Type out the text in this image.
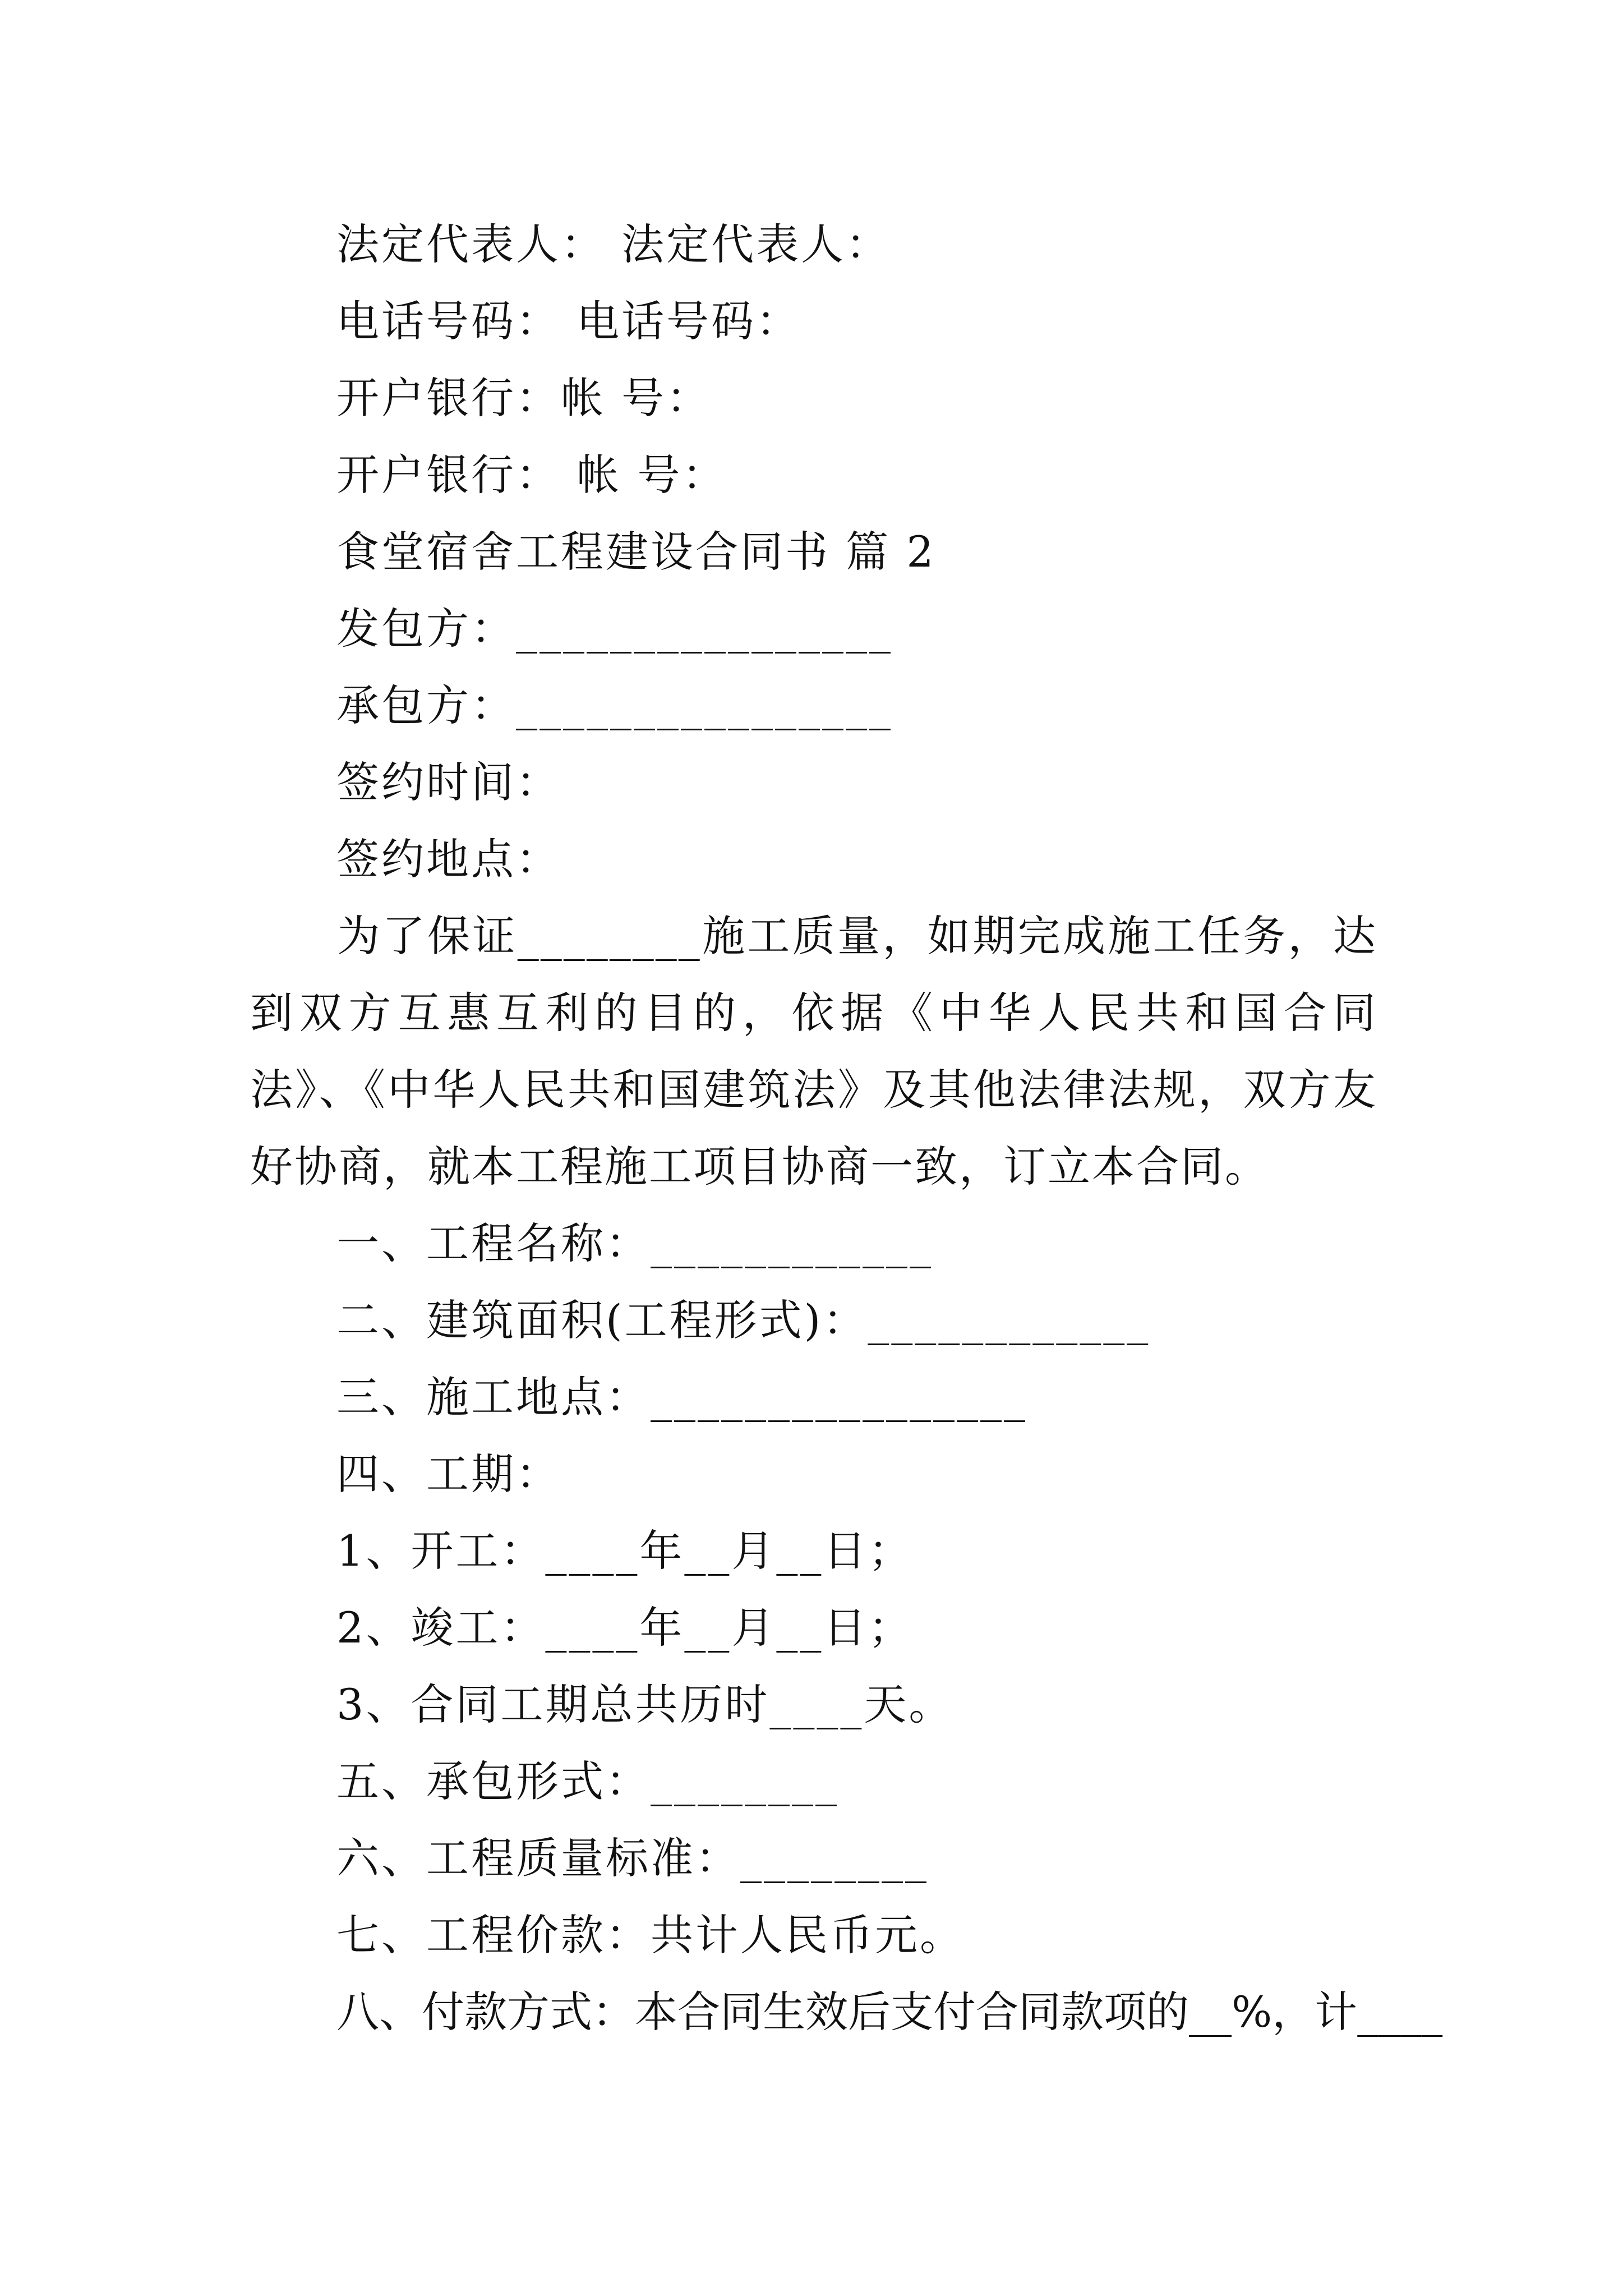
法定代表人： 法定代表人：
电话号码： 电话号码：
开户银行：帐 号：
开户银行： 帐 号：
食堂宿舍工程建设合同书 篇 2
发包方：________________
承包方：________________
签约时间：
签约地点：
为了保证________施工质量，如期完成施工任务，达到双方互惠互利的目的，依据《中华人民共和国合同法》、《中华人民共和国建筑法》及其他法律法规，双方友好协商，就本工程施工项目协商一致，订立本合同。
一、工程名称：____________
二、建筑面积(工程形式)：____________
三、施工地点：________________
四、工期：
1、开工：____年__月__日；
2、竣工：____年__月__日；
3、合同工期总共历时____天。
五、承包形式：________
六、工程质量标准：________
七、工程价款：共计人民币元。
八、付款方式：本合同生效后支付合同款项的__%，计____
